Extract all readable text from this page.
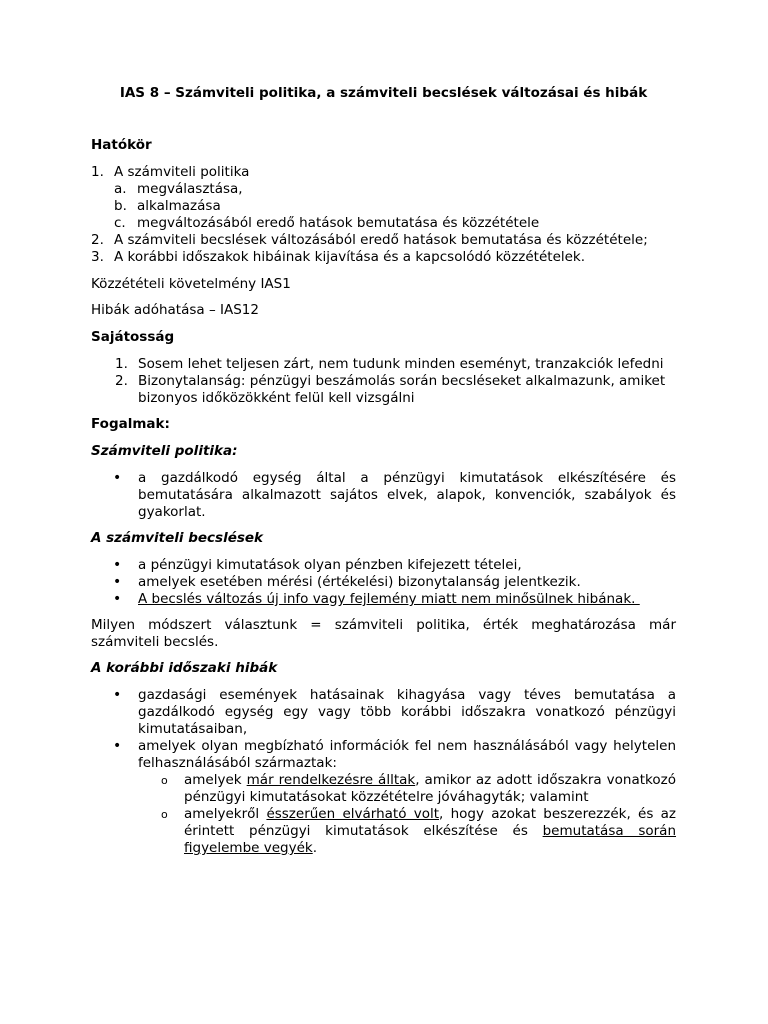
IAS 8 – Számviteli politika, a számviteli becslések változásai és hibák
Hatókör
1. A számviteli politika
a. megválasztása,
b. alkalmazása
c. megváltozásából eredő hatások bemutatása és közzététele
2. A számviteli becslések változásából eredő hatások bemutatása és közzététele;
3. A korábbi időszakok hibáinak kijavítása és a kapcsolódó közzétételek.
Közzétételi követelmény IAS1
Hibák adóhatása – IAS12
Sajátosság
1. Sosem lehet teljesen zárt, nem tudunk minden eseményt, tranzakciók lefedni
2. Bizonytalanság: pénzügyi beszámolás során becsléseket alkalmazunk, amiket bizonyos időközökként felül kell vizsgálni
Fogalmak:
Számviteli politika:
• a gazdálkodó egység által a pénzügyi kimutatások elkészítésére és bemutatására alkalmazott sajátos elvek, alapok, konvenciók, szabályok és gyakorlat.
A számviteli becslések
• a pénzügyi kimutatások olyan pénzben kifejezett tételei,
• amelyek esetében mérési (értékelési) bizonytalanság jelentkezik.
• A becslés változás új info vagy fejlemény miatt nem minősülnek hibának.
Milyen módszert választunk = számviteli politika, érték meghatározása már számviteli becslés.
A korábbi időszaki hibák
• gazdasági események hatásainak kihagyása vagy téves bemutatása a gazdálkodó egység egy vagy több korábbi időszakra vonatkozó pénzügyi kimutatásaiban,
• amelyek olyan megbízható információk fel nem használásából vagy helytelen felhasználásából származtak:
o amelyek már rendelkezésre álltak, amikor az adott időszakra vonatkozó pénzügyi kimutatásokat közzétételre jóváhagyták; valamint
o amelyekről ésszerűen elvárható volt, hogy azokat beszerezzék, és az érintett pénzügyi kimutatások elkészítése és bemutatása során figyelembe vegyék.
